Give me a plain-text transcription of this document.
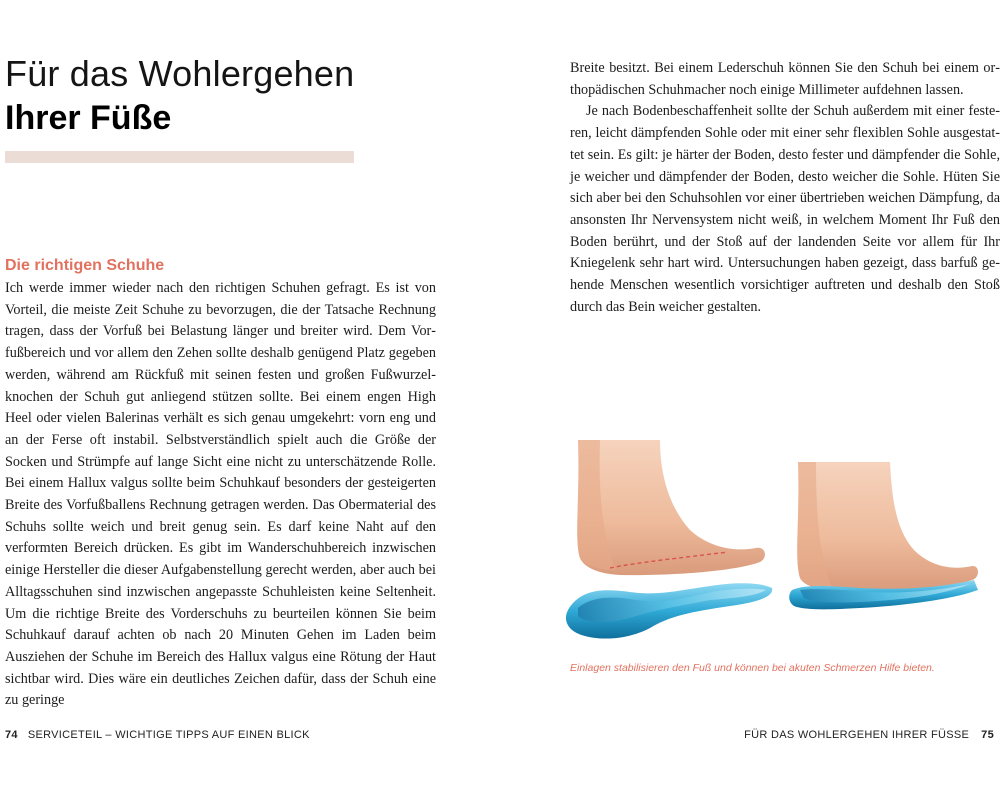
Für das Wohlergehen
Ihrer Füße
Die richtigen Schuhe

Ich werde immer wieder nach den richtigen Schuhen gefragt. Es ist von Vorteil, die meiste Zeit Schuhe zu bevorzugen, die der Tatsache Rechnung tragen, dass der Vorfuß bei Belastung länger und breiter wird. Dem Vorfußbereich und vor allem den Zehen sollte deshalb genügend Platz gegeben werden, während am Rückfuß mit seinen festen und großen Fußwurzelknochen der Schuh gut anliegend stützen sollte. Bei einem engen High Heel oder vielen Balerinas verhält es sich genau umgekehrt: vorn eng und an der Ferse oft instabil. Selbstverständlich spielt auch die Größe der Socken und Strümpfe auf lange Sicht eine nicht zu unterschätzende Rolle. Bei einem Hallux valgus sollte beim Schuhkauf besonders der gesteigerten Breite des Vorfußballens Rechnung getragen werden. Das Obermaterial des Schuhs sollte weich und breit genug sein. Es darf keine Naht auf den verformten Bereich drücken. Es gibt im Wanderschuhbereich inzwischen einige Hersteller die dieser Aufgabenstellung gerecht werden, aber auch bei Alltagsschuhen sind inzwischen angepasste Schuhleisten keine Seltenheit. Um die richtige Breite des Vorderschuhs zu beurteilen können Sie beim Schuhkauf darauf achten ob nach 20 Minuten Gehen im Laden beim Ausziehen der Schuhe im Bereich des Hallux valgus eine Rötung der Haut sichtbar wird. Dies wäre ein deutliches Zeichen dafür, dass der Schuh eine zu geringe

74 SERVICETEIL – WICHTIGE TIPPS AUF EINEN BLICK

Breite besitzt. Bei einem Lederschuh können Sie den Schuh bei einem orthopädischen Schuhmacher noch einige Millimeter aufdehnen lassen.

Je nach Bodenbeschaffenheit sollte der Schuh außerdem mit einer festeren, leicht dämpfenden Sohle oder mit einer sehr flexiblen Sohle ausgestattet sein. Es gilt: je härter der Boden, desto fester und dämpfender die Sohle, je weicher und dämpfender der Boden, desto weicher die Sohle. Hüten Sie sich aber bei den Schuhsohlen vor einer übertrieben weichen Dämpfung, da ansonsten Ihr Nervensystem nicht weiß, in welchem Moment Ihr Fuß den Boden berührt, und der Stoß auf der landenden Seite vor allem für Ihr Kniegelenk sehr hart wird. Untersuchungen haben gezeigt, dass barfuß gehende Menschen wesentlich vorsichtiger auftreten und deshalb den Stoß durch das Bein weicher gestalten.

Einlagen stabilisieren den Fuß und können bei akuten Schmerzen Hilfe bieten.
FÜR DAS WOHLERGEHEN IHRER FÜSSE 75
